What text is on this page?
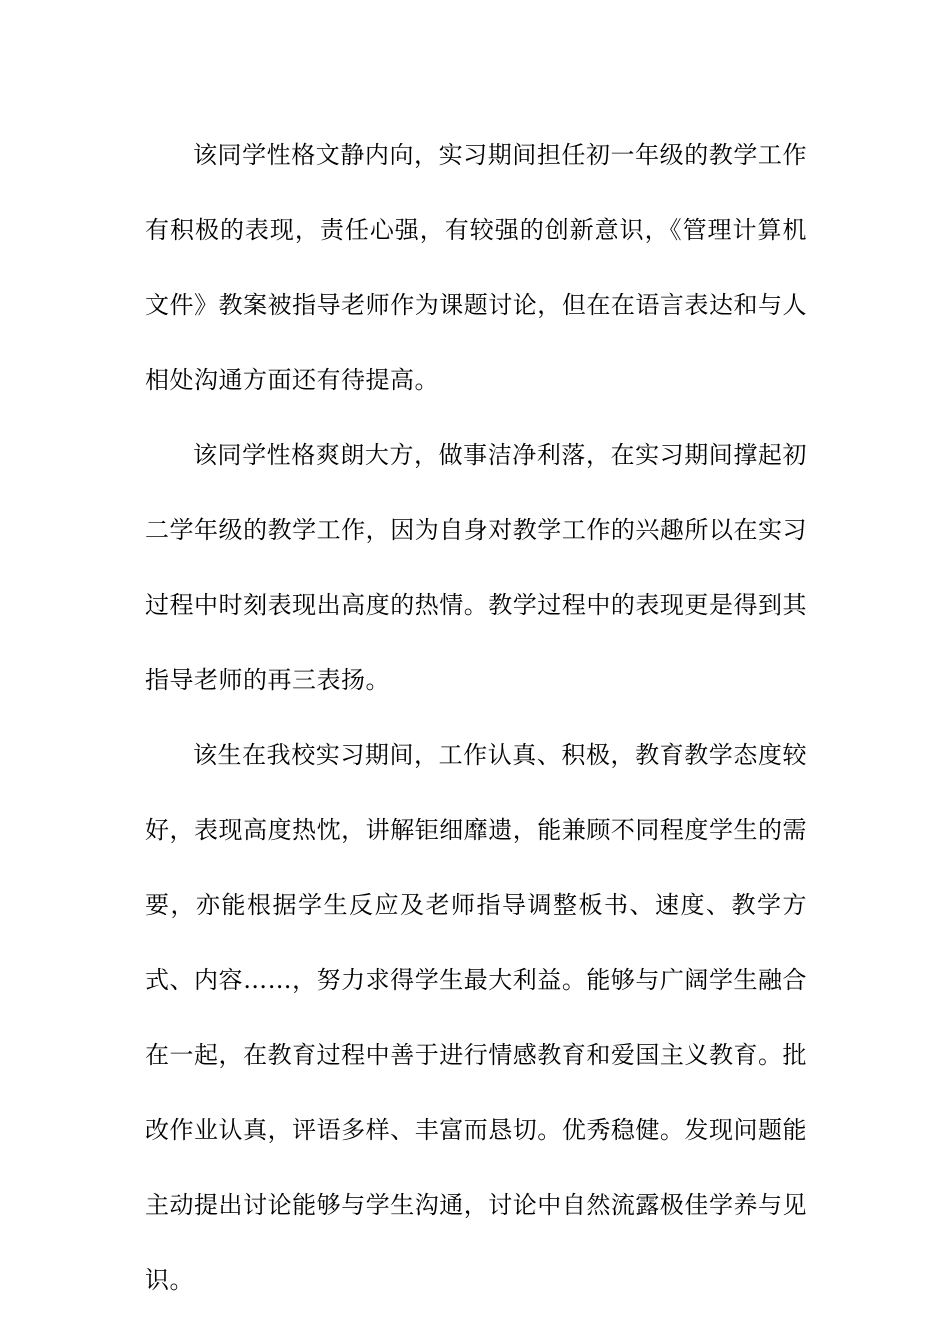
该同学性格文静内向，实习期间担任初一年级的教学工作有积极的表现，责任心强，有较强的创新意识，《管理计算机文件》教案被指导老师作为课题讨论，但在在语言表达和与人相处沟通方面还有待提高。

该同学性格爽朗大方，做事洁净利落，在实习期间撑起初二学年级的教学工作，因为自身对教学工作的兴趣所以在实习过程中时刻表现出高度的热情。教学过程中的表现更是得到其指导老师的再三表扬。

该生在我校实习期间，工作认真、积极，教育教学态度较好，表现高度热忱，讲解钜细靡遗，能兼顾不同程度学生的需要，亦能根据学生反应及老师指导调整板书、速度、教学方式、内容……，努力求得学生最大利益。能够与广阔学生融合在一起，在教育过程中善于进行情感教育和爱国主义教育。批改作业认真，评语多样、丰富而恳切。优秀稳健。发现问题能主动提出讨论能够与学生沟通，讨论中自然流露极佳学养与见识。
